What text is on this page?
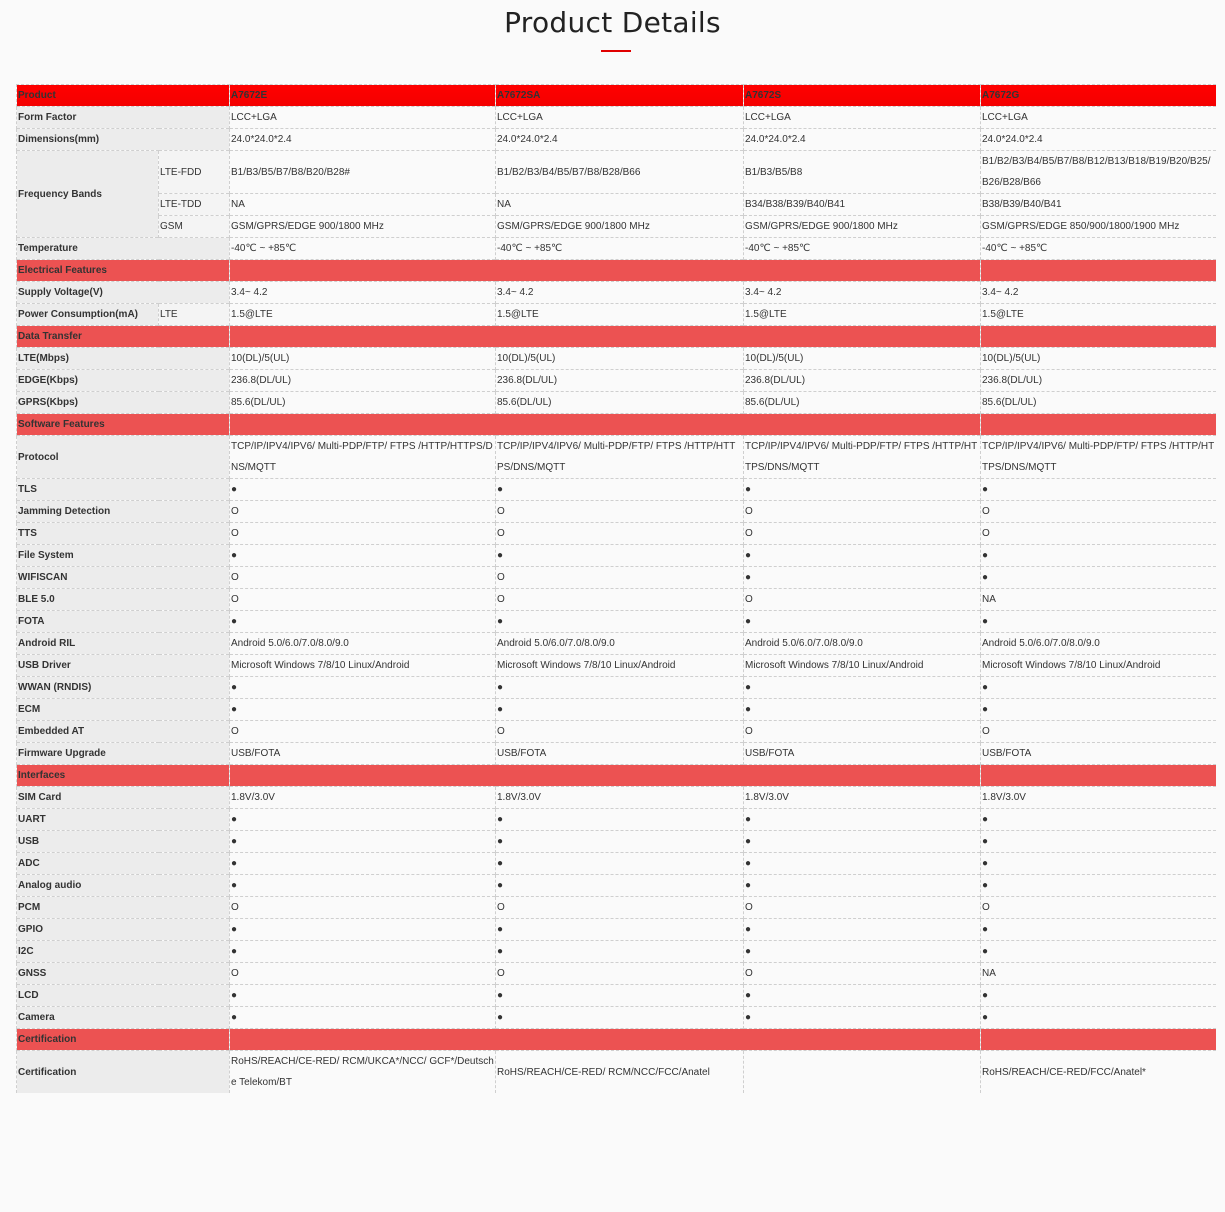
Product Details
Product		A7672E	A7672SA	A7672S	A7672G
Form Factor		LCC+LGA	LCC+LGA	LCC+LGA	LCC+LGA
Dimensions(mm)		24.0*24.0*2.4	24.0*24.0*2.4	24.0*24.0*2.4	24.0*24.0*2.4
Frequency Bands	LTE-FDD	B1/B3/B5/B7/B8/B20/B28#	B1/B2/B3/B4/B5/B7/B8/B28/B66	B1/B3/B5/B8	B1/B2/B3/B4/B5/B7/B8/B12/B13/B18/B19/B20/B25/B26/B28/B66
	LTE-TDD	NA	NA	B34/B38/B39/B40/B41	B38/B39/B40/B41
	GSM	GSM/GPRS/EDGE 900/1800 MHz	GSM/GPRS/EDGE 900/1800 MHz	GSM/GPRS/EDGE 900/1800 MHz	GSM/GPRS/EDGE 850/900/1800/1900 MHz
Temperature		-40℃ ~ +85℃	-40℃ ~ +85℃	-40℃ ~ +85℃	-40℃ ~ +85℃
Electrical Features					
Supply Voltage(V)		3.4~ 4.2	3.4~ 4.2	3.4~ 4.2	3.4~ 4.2
Power Consumption(mA)	LTE	1.5@LTE	1.5@LTE	1.5@LTE	1.5@LTE
Data Transfer					
LTE(Mbps)		10(DL)/5(UL)	10(DL)/5(UL)	10(DL)/5(UL)	10(DL)/5(UL)
EDGE(Kbps)		236.8(DL/UL)	236.8(DL/UL)	236.8(DL/UL)	236.8(DL/UL)
GPRS(Kbps)		85.6(DL/UL)	85.6(DL/UL)	85.6(DL/UL)	85.6(DL/UL)
Software Features					
Protocol		TCP/IP/IPV4/IPV6/ Multi-PDP/FTP/ FTPS /HTTP/HTTPS/DNS/MQTT	TCP/IP/IPV4/IPV6/ Multi-PDP/FTP/ FTPS /HTTP/HTTPS/DNS/MQTT	TCP/IP/IPV4/IPV6/ Multi-PDP/FTP/ FTPS /HTTP/HTTPS/DNS/MQTT	TCP/IP/IPV4/IPV6/ Multi-PDP/FTP/ FTPS /HTTP/HTTPS/DNS/MQTT
TLS		●	●	●	●
Jamming Detection		O	O	O	O
TTS		O	O	O	O
File System		●	●	●	●
WIFISCAN		O	O	●	●
BLE 5.0		O	O	O	NA
FOTA		●	●	●	●
Android RIL		Android 5.0/6.0/7.0/8.0/9.0	Android 5.0/6.0/7.0/8.0/9.0	Android 5.0/6.0/7.0/8.0/9.0	Android 5.0/6.0/7.0/8.0/9.0
USB Driver		Microsoft Windows 7/8/10 Linux/Android	Microsoft Windows 7/8/10 Linux/Android	Microsoft Windows 7/8/10 Linux/Android	Microsoft Windows 7/8/10 Linux/Android
WWAN (RNDIS)		●	●	●	●
ECM		●	●	●	●
Embedded AT		O	O	O	O
Firmware Upgrade		USB/FOTA	USB/FOTA	USB/FOTA	USB/FOTA
Interfaces					
SIM Card		1.8V/3.0V	1.8V/3.0V	1.8V/3.0V	1.8V/3.0V
UART		●	●	●	●
USB		●	●	●	●
ADC		●	●	●	●
Analog audio		●	●	●	●
PCM		O	O	O	O
GPIO		●	●	●	●
I2C		●	●	●	●
GNSS		O	O	O	NA
LCD		●	●	●	●
Camera		●	●	●	●
Certification					
Certification		RoHS/REACH/CE-RED/ RCM/UKCA*/NCC/ GCF*/Deutsche Telekom/BT	RoHS/REACH/CE-RED/ RCM/NCC/FCC/Anatel		RoHS/REACH/CE-RED/FCC/Anatel*
